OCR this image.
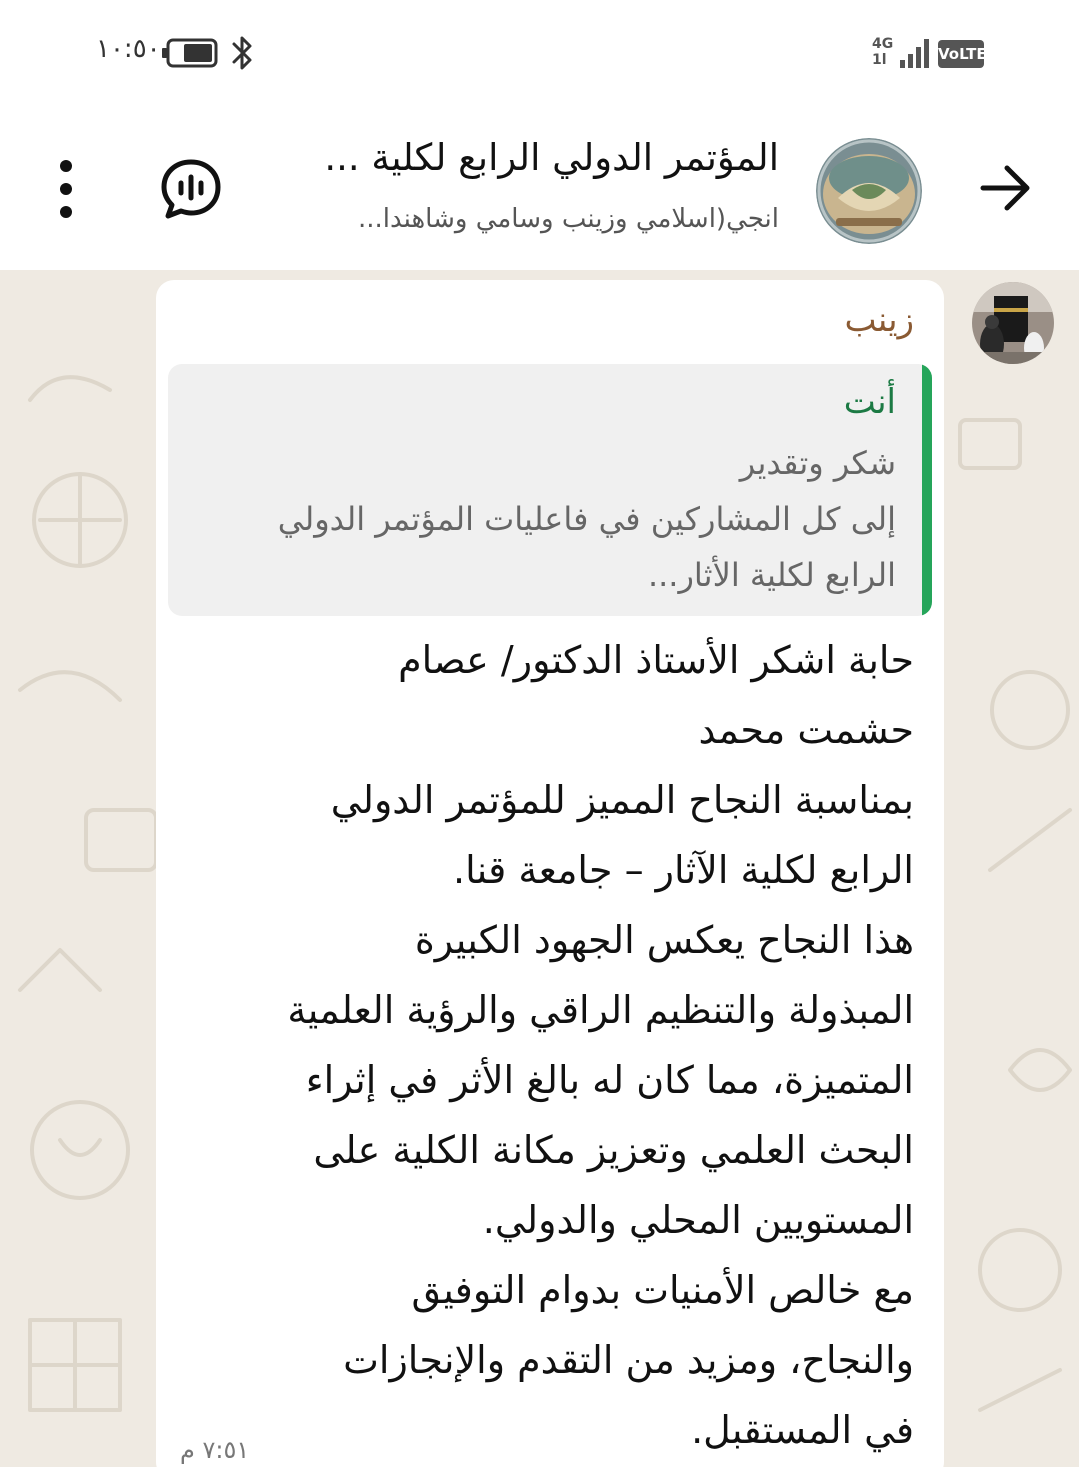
١٠:٥٠	4G
1l	VoLTE
المؤتمر الدولي الرابع لكلية ...
انجي(اسلامي وزينب وسامي وشاهندا...
زينب
أنت
شكر وتقدير
إلى كل المشاركين في فاعليات المؤتمر الدولي
الرابع لكلية الأثار...
حابة اشكر الأستاذ الدكتور/ عصام
حشمت محمد
بمناسبة النجاح المميز للمؤتمر الدولي
الرابع لكلية الآثار – جامعة قنا.
هذا النجاح يعكس الجهود الكبيرة
المبذولة والتنظيم الراقي والرؤية العلمية
المتميزة، مما كان له بالغ الأثر في إثراء
البحث العلمي وتعزيز مكانة الكلية على
المستويين المحلي والدولي.
مع خالص الأمنيات بدوام التوفيق
والنجاح، ومزيد من التقدم والإنجازات
في المستقبل.
٧:٥١ م
